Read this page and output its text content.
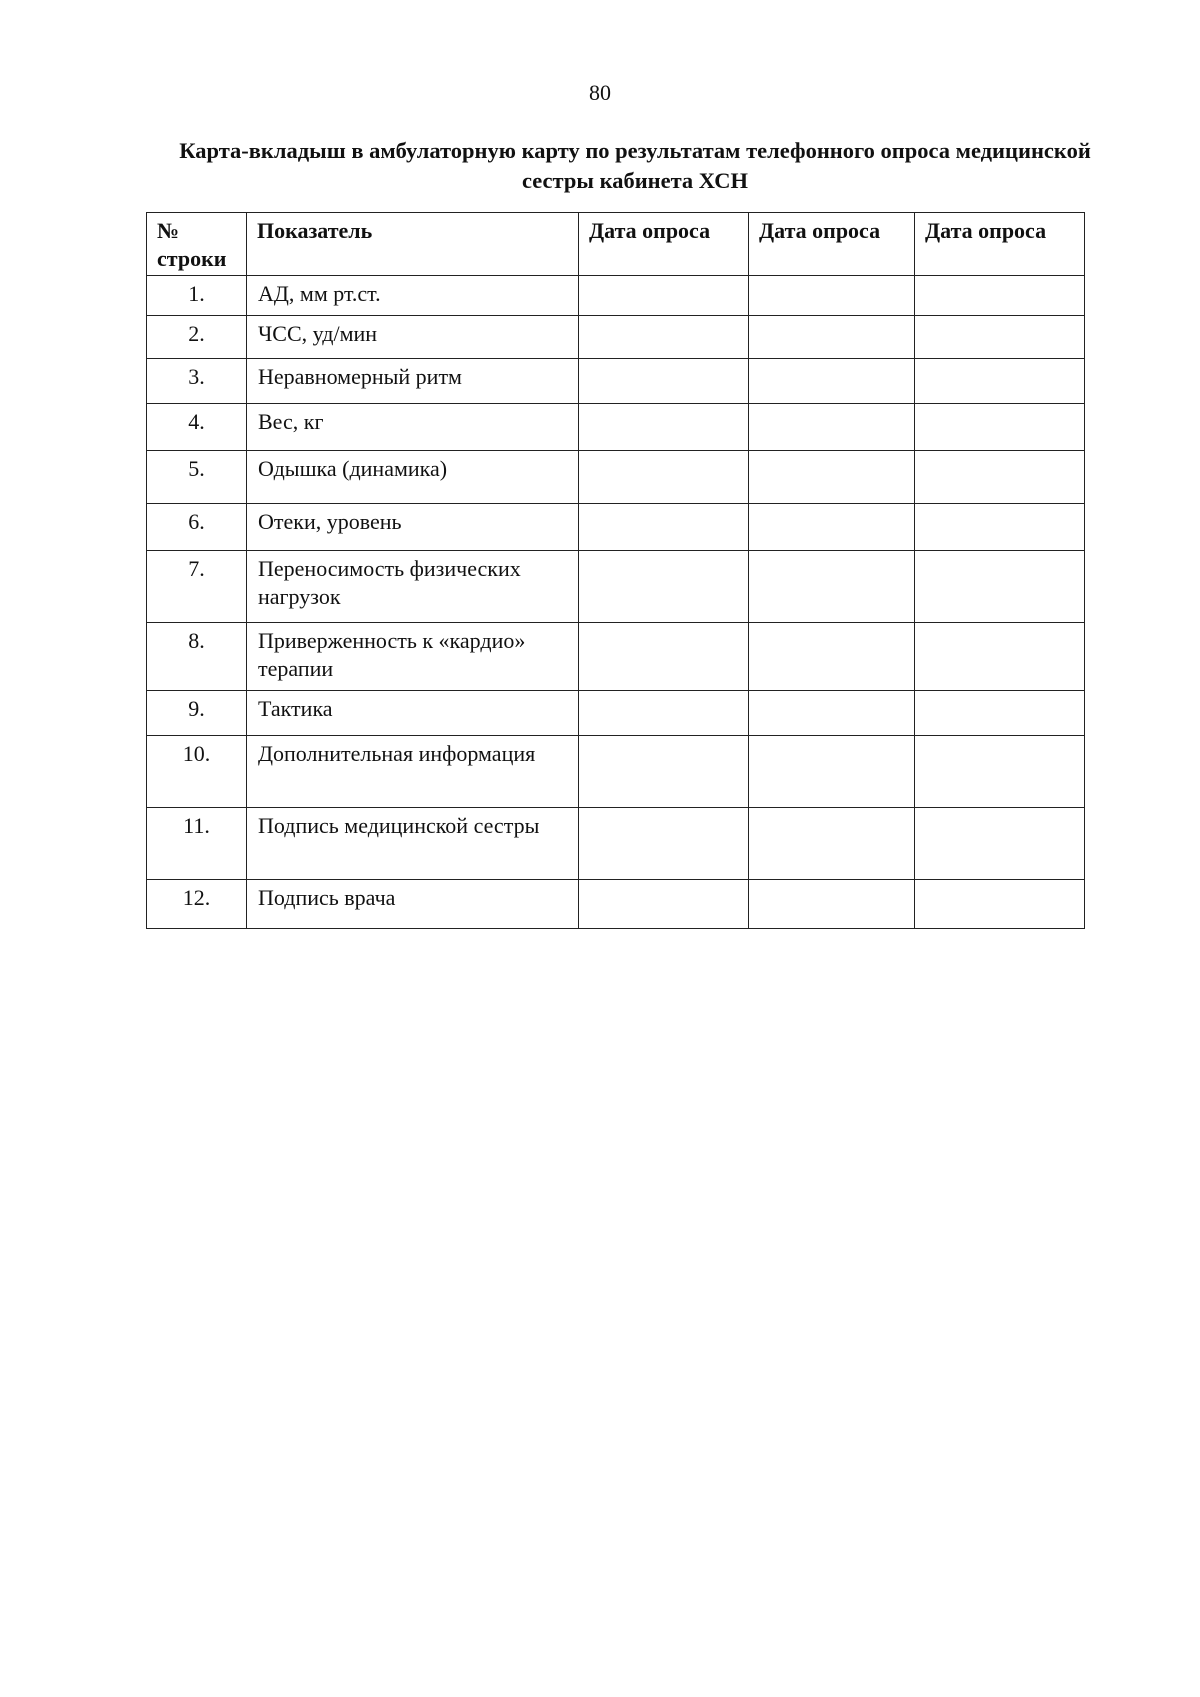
80
Карта-вкладыш в амбулаторную карту по результатам телефонного опроса медицинской
сестры кабинета ХСН
№
строки	Показатель	Дата опроса	Дата опроса	Дата опроса
1.	АД, мм рт.ст.			
2.	ЧСС, уд/мин			
3.	Неравномерный ритм			
4.	Вес, кг			
5.	Одышка (динамика)			
6.	Отеки, уровень			
7.	Переносимость физических нагрузок			
8.	Приверженность к «кардио» терапии			
9.	Тактика			
10.	Дополнительная информация			
11.	Подпись медицинской сестры			
12.	Подпись врача			
